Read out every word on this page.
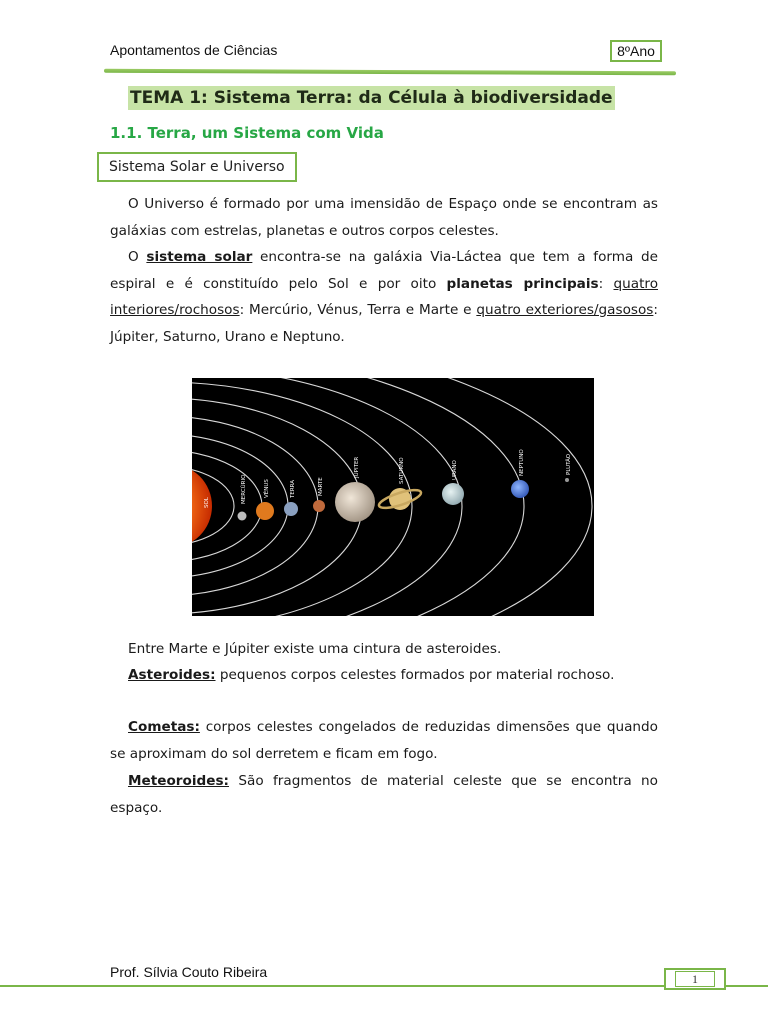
Apontamentos de Ciências	8ºAno
TEMA 1: Sistema Terra: da Célula à biodiversidade
1.1. Terra, um Sistema com Vida
Sistema Solar e Universo
O Universo é formado por uma imensidão de Espaço onde se encontram as galáxias com estrelas, planetas e outros corpos celestes.
O sistema solar encontra-se na galáxia Via-Láctea que tem a forma de espiral e é constituído pelo Sol e por oito planetas principais: quatro interiores/rochosos: Mercúrio, Vénus, Terra e Marte e quatro exteriores/gasosos: Júpiter, Saturno, Urano e Neptuno.
SOL	MERCÚRIO	VÉNUS	TERRA	MARTE
JÚPITER	SATURNO	URANO	NEPTUNO	PLUTÃO
Entre Marte e Júpiter existe uma cintura de asteroides.
Asteroides: pequenos corpos celestes formados por material rochoso.
Cometas: corpos celestes congelados de reduzidas dimensões que quando se aproximam do sol derretem e ficam em fogo.
Meteoroides: São fragmentos de material celeste que se encontra no espaço.
Prof. Sílvia Couto Ribeira	1
